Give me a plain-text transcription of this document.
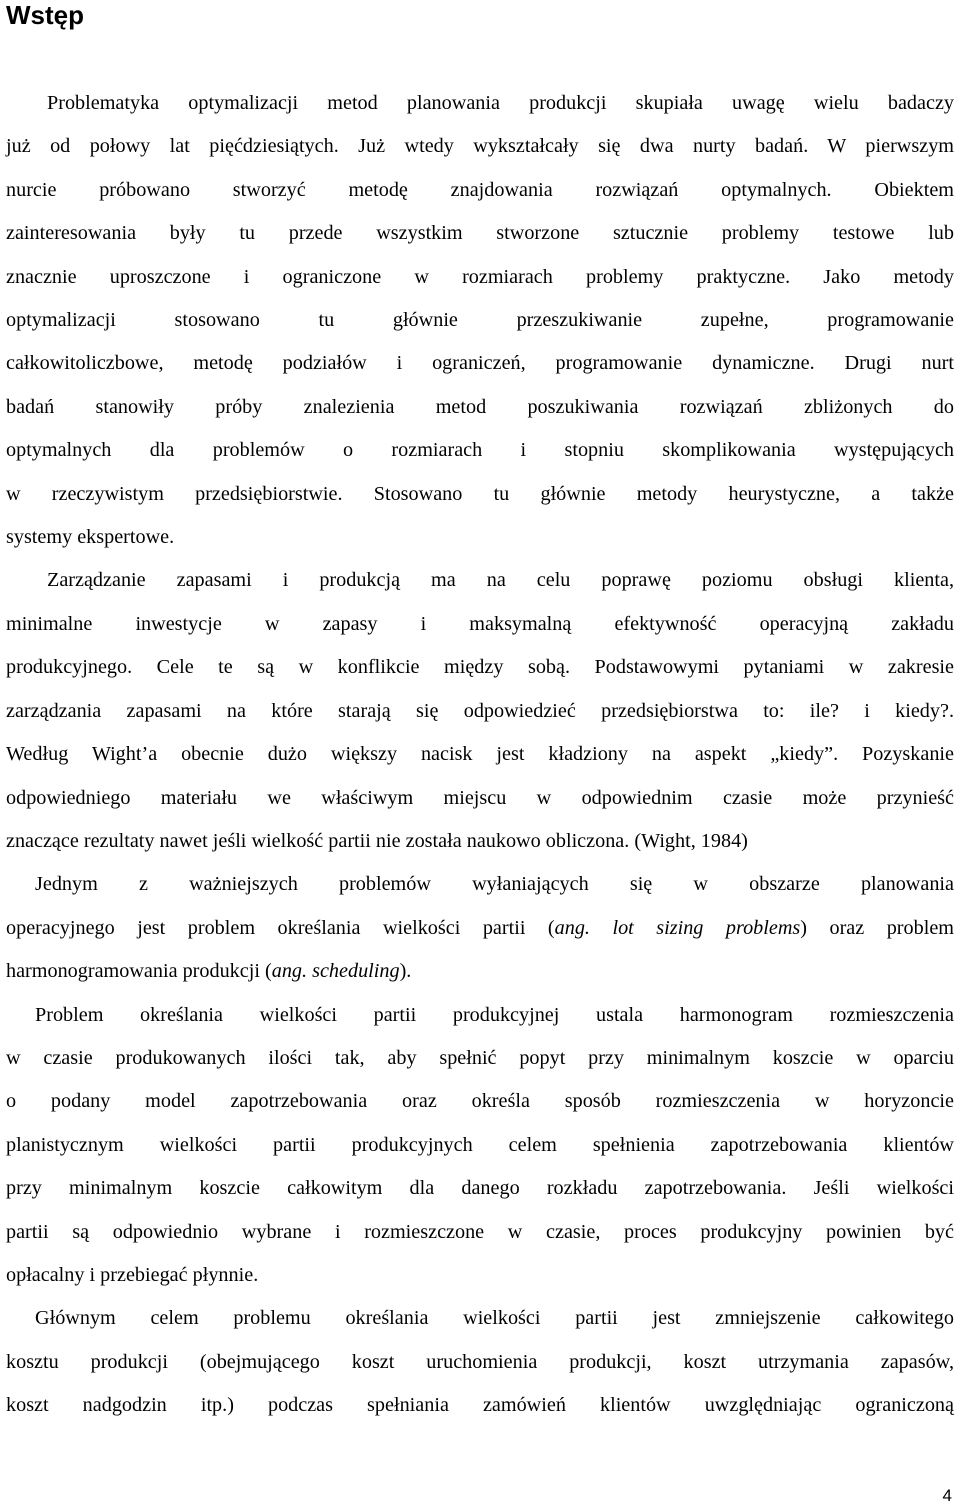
Wstęp
Problematyka optymalizacji metod planowania produkcji skupiała uwagę wielu badaczy
już od połowy lat pięćdziesiątych. Już wtedy wykształcały się dwa nurty badań. W pierwszym
nurcie próbowano stworzyć metodę znajdowania rozwiązań optymalnych. Obiektem
zainteresowania były tu przede wszystkim stworzone sztucznie problemy testowe lub
znacznie uproszczone i ograniczone w rozmiarach problemy praktyczne. Jako metody
optymalizacji stosowano tu głównie przeszukiwanie zupełne, programowanie
całkowitoliczbowe, metodę podziałów i ograniczeń, programowanie dynamiczne. Drugi nurt
badań stanowiły próby znalezienia metod poszukiwania rozwiązań zbliżonych do
optymalnych dla problemów o rozmiarach i stopniu skomplikowania występujących
w rzeczywistym przedsiębiorstwie. Stosowano tu głównie metody heurystyczne, a także
systemy ekspertowe.
Zarządzanie zapasami i produkcją ma na celu poprawę poziomu obsługi klienta,
minimalne inwestycje w zapasy i maksymalną efektywność operacyjną zakładu
produkcyjnego. Cele te są w konflikcie między sobą. Podstawowymi pytaniami w zakresie
zarządzania zapasami na które starają się odpowiedzieć przedsiębiorstwa to: ile? i kiedy?.
Według Wight’a obecnie dużo większy nacisk jest kładziony na aspekt „kiedy”. Pozyskanie
odpowiedniego materiału we właściwym miejscu w odpowiednim czasie może przynieść
znaczące rezultaty nawet jeśli wielkość partii nie została naukowo obliczona. (Wight, 1984)
Jednym z ważniejszych problemów wyłaniających się w obszarze planowania
operacyjnego jest problem określania wielkości partii (ang. lot sizing problems) oraz problem
harmonogramowania produkcji (ang. scheduling).
Problem określania wielkości partii produkcyjnej ustala harmonogram rozmieszczenia
w czasie produkowanych ilości tak, aby spełnić popyt przy minimalnym koszcie w oparciu
o podany model zapotrzebowania oraz określa sposób rozmieszczenia w horyzoncie
planistycznym wielkości partii produkcyjnych celem spełnienia zapotrzebowania klientów
przy minimalnym koszcie całkowitym dla danego rozkładu zapotrzebowania. Jeśli wielkości
partii są odpowiednio wybrane i rozmieszczone w czasie, proces produkcyjny powinien być
opłacalny i przebiegać płynnie.
Głównym celem problemu określania wielkości partii jest zmniejszenie całkowitego
kosztu produkcji (obejmującego koszt uruchomienia produkcji, koszt utrzymania zapasów,
koszt nadgodzin itp.) podczas spełniania zamówień klientów uwzględniając ograniczoną
4
